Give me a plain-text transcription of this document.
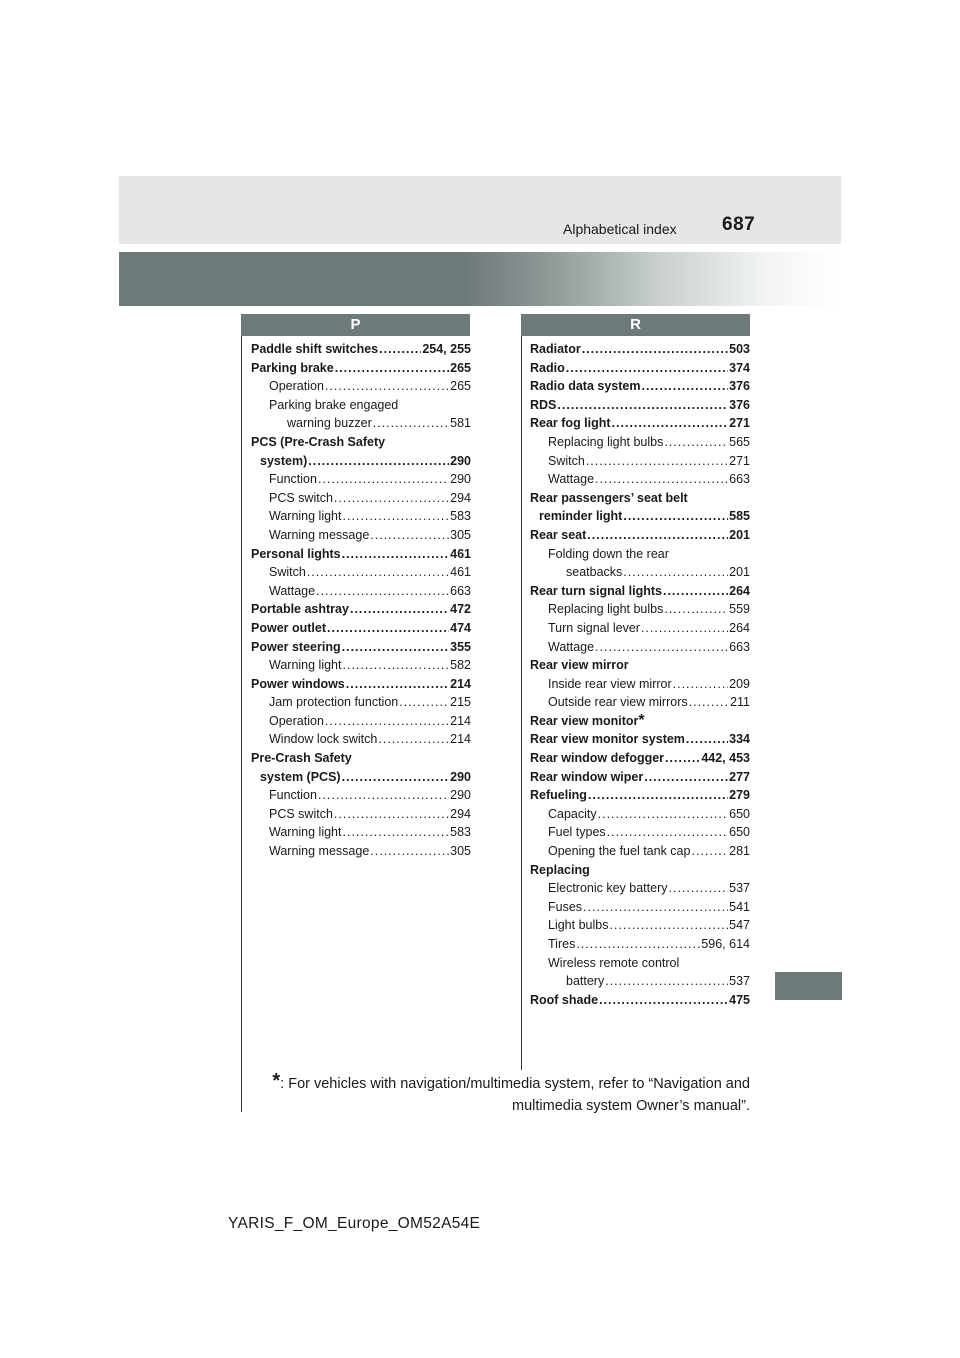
687
Alphabetical index
P	R
Paddle shift switches .....	254, 255
Parking brake .....	265
Operation .....	265
Parking brake engaged
warning buzzer .....	581
PCS (Pre-Crash Safety
system) .....	290
Function .....	290
PCS switch .....	294
Warning light .....	583
Warning message .....	305
Personal lights .....	461
Switch .....	461
Wattage .....	663
Portable ashtray .....	472
Power outlet .....	474
Power steering .....	355
Warning light .....	582
Power windows .....	214
Jam protection function .....	215
Operation .....	214
Window lock switch .....	214
Pre-Crash Safety
system (PCS) .....	290
Function .....	290
PCS switch .....	294
Warning light .....	583
Warning message .....	305
Radiator .....	503
Radio .....	374
Radio data system .....	376
RDS .....	376
Rear fog light .....	271
Replacing light bulbs .....	565
Switch .....	271
Wattage .....	663
Rear passengers’ seat belt
reminder light .....	585
Rear seat .....	201
Folding down the rear
seatbacks .....	201
Rear turn signal lights .....	264
Replacing light bulbs .....	559
Turn signal lever .....	264
Wattage .....	663
Rear view mirror
Inside rear view mirror .....	209
Outside rear view mirrors .....	211
Rear view monitor *
Rear view monitor system .....	334
Rear window defogger .....	442, 453
Rear window wiper .....	277
Refueling .....	279
Capacity .....	650
Fuel types .....	650
Opening the fuel tank cap .....	281
Replacing
Electronic key battery .....	537
Fuses .....	541
Light bulbs .....	547
Tires .....	596, 614
Wireless remote control
battery .....	537
Roof shade .....	475
*: For vehicles with navigation/multimedia system, refer to “Navigation and multimedia system Owner’s manual”.
YARIS_F_OM_Europe_OM52A54E
